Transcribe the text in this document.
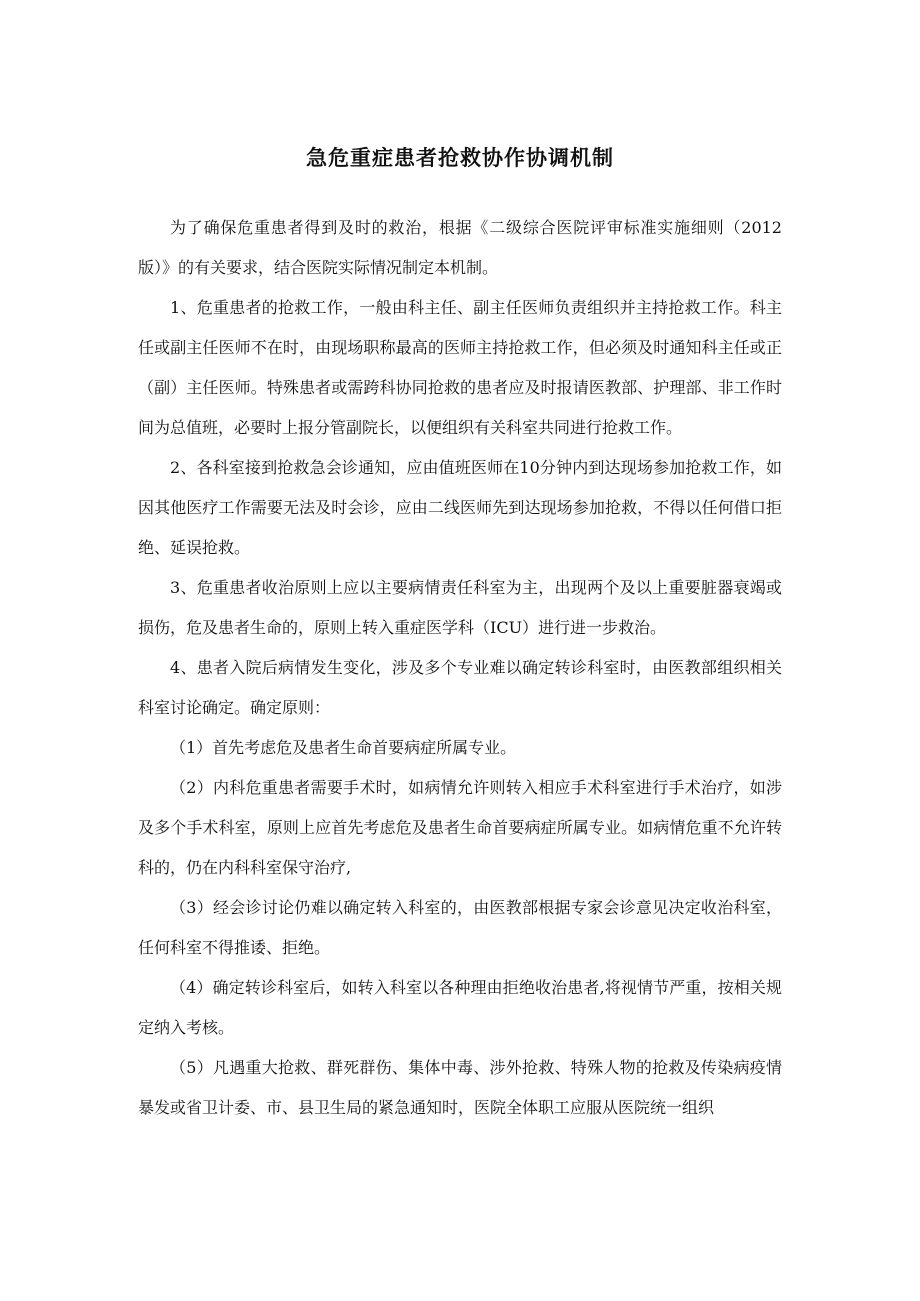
急危重症患者抢救协作协调机制

为了确保危重患者得到及时的救治，根据《二级综合医院评审标准实施细则（2012版）》的有关要求，结合医院实际情况制定本机制。

1、危重患者的抢救工作，一般由科主任、副主任医师负责组织并主持抢救工作。科主任或副主任医师不在时，由现场职称最高的医师主持抢救工作，但必须及时通知科主任或正（副）主任医师。特殊患者或需跨科协同抢救的患者应及时报请医教部、护理部、非工作时间为总值班，必要时上报分管副院长，以便组织有关科室共同进行抢救工作。

2、各科室接到抢救急会诊通知，应由值班医师在10分钟内到达现场参加抢救工作，如因其他医疗工作需要无法及时会诊，应由二线医师先到达现场参加抢救，不得以任何借口拒绝、延误抢救。

3、危重患者收治原则上应以主要病情责任科室为主，出现两个及以上重要脏器衰竭或损伤，危及患者生命的，原则上转入重症医学科（ICU）进行进一步救治。

4、患者入院后病情发生变化，涉及多个专业难以确定转诊科室时，由医教部组织相关科室讨论确定。确定原则：

（1）首先考虑危及患者生命首要病症所属专业。

（2）内科危重患者需要手术时，如病情允许则转入相应手术科室进行手术治疗，如涉及多个手术科室，原则上应首先考虑危及患者生命首要病症所属专业。如病情危重不允许转科的，仍在内科科室保守治疗,

（3）经会诊讨论仍难以确定转入科室的，由医教部根据专家会诊意见决定收治科室，任何科室不得推诿、拒绝。

（4）确定转诊科室后，如转入科室以各种理由拒绝收治患者,将视情节严重，按相关规定纳入考核。

（5）凡遇重大抢救、群死群伤、集体中毒、涉外抢救、特殊人物的抢救及传染病疫情暴发或省卫计委、市、县卫生局的紧急通知时，医院全体职工应服从医院统一组织
